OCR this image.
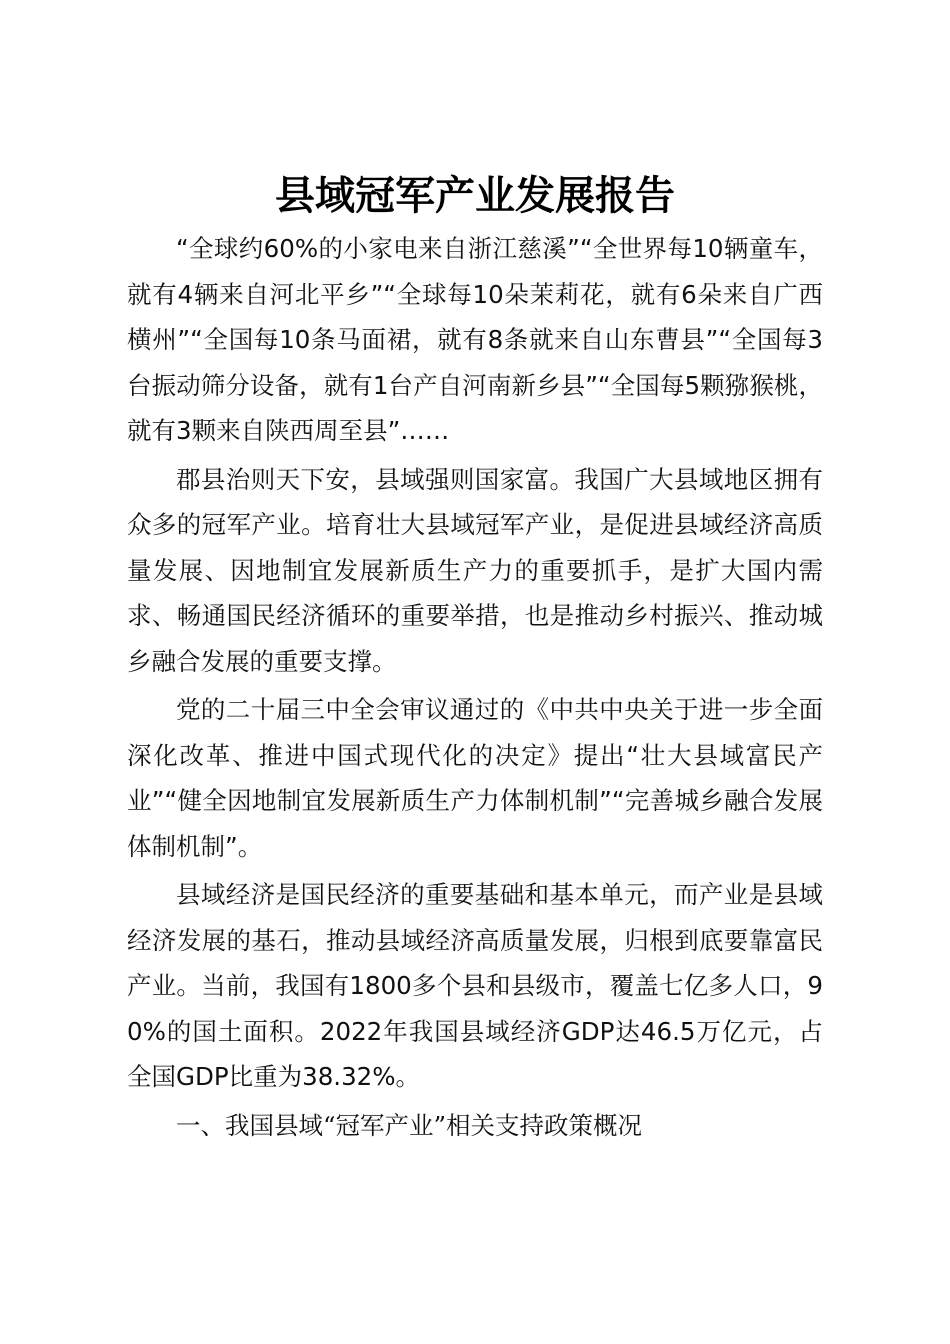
县域冠军产业发展报告

“全球约60%的小家电来自浙江慈溪”“全世界每10辆童车，就有4辆来自河北平乡”“全球每10朵茉莉花，就有6朵来自广西横州”“全国每10条马面裙，就有8条就来自山东曹县”“全国每3台振动筛分设备，就有1台产自河南新乡县”“全国每5颗猕猴桃，就有3颗来自陕西周至县”……

郡县治则天下安，县域强则国家富。我国广大县域地区拥有众多的冠军产业。培育壮大县域冠军产业，是促进县域经济高质量发展、因地制宜发展新质生产力的重要抓手，是扩大国内需求、畅通国民经济循环的重要举措，也是推动乡村振兴、推动城乡融合发展的重要支撑。

党的二十届三中全会审议通过的《中共中央关于进一步全面深化改革、推进中国式现代化的决定》提出“壮大县域富民产业”“健全因地制宜发展新质生产力体制机制”“完善城乡融合发展体制机制”。

县域经济是国民经济的重要基础和基本单元，而产业是县域经济发展的基石，推动县域经济高质量发展，归根到底要靠富民产业。当前，我国有1800多个县和县级市，覆盖七亿多人口，90%的国土面积。2022年我国县域经济GDP达46.5万亿元，占全国GDP比重为38.32%。

一、我国县域“冠军产业”相关支持政策概况
